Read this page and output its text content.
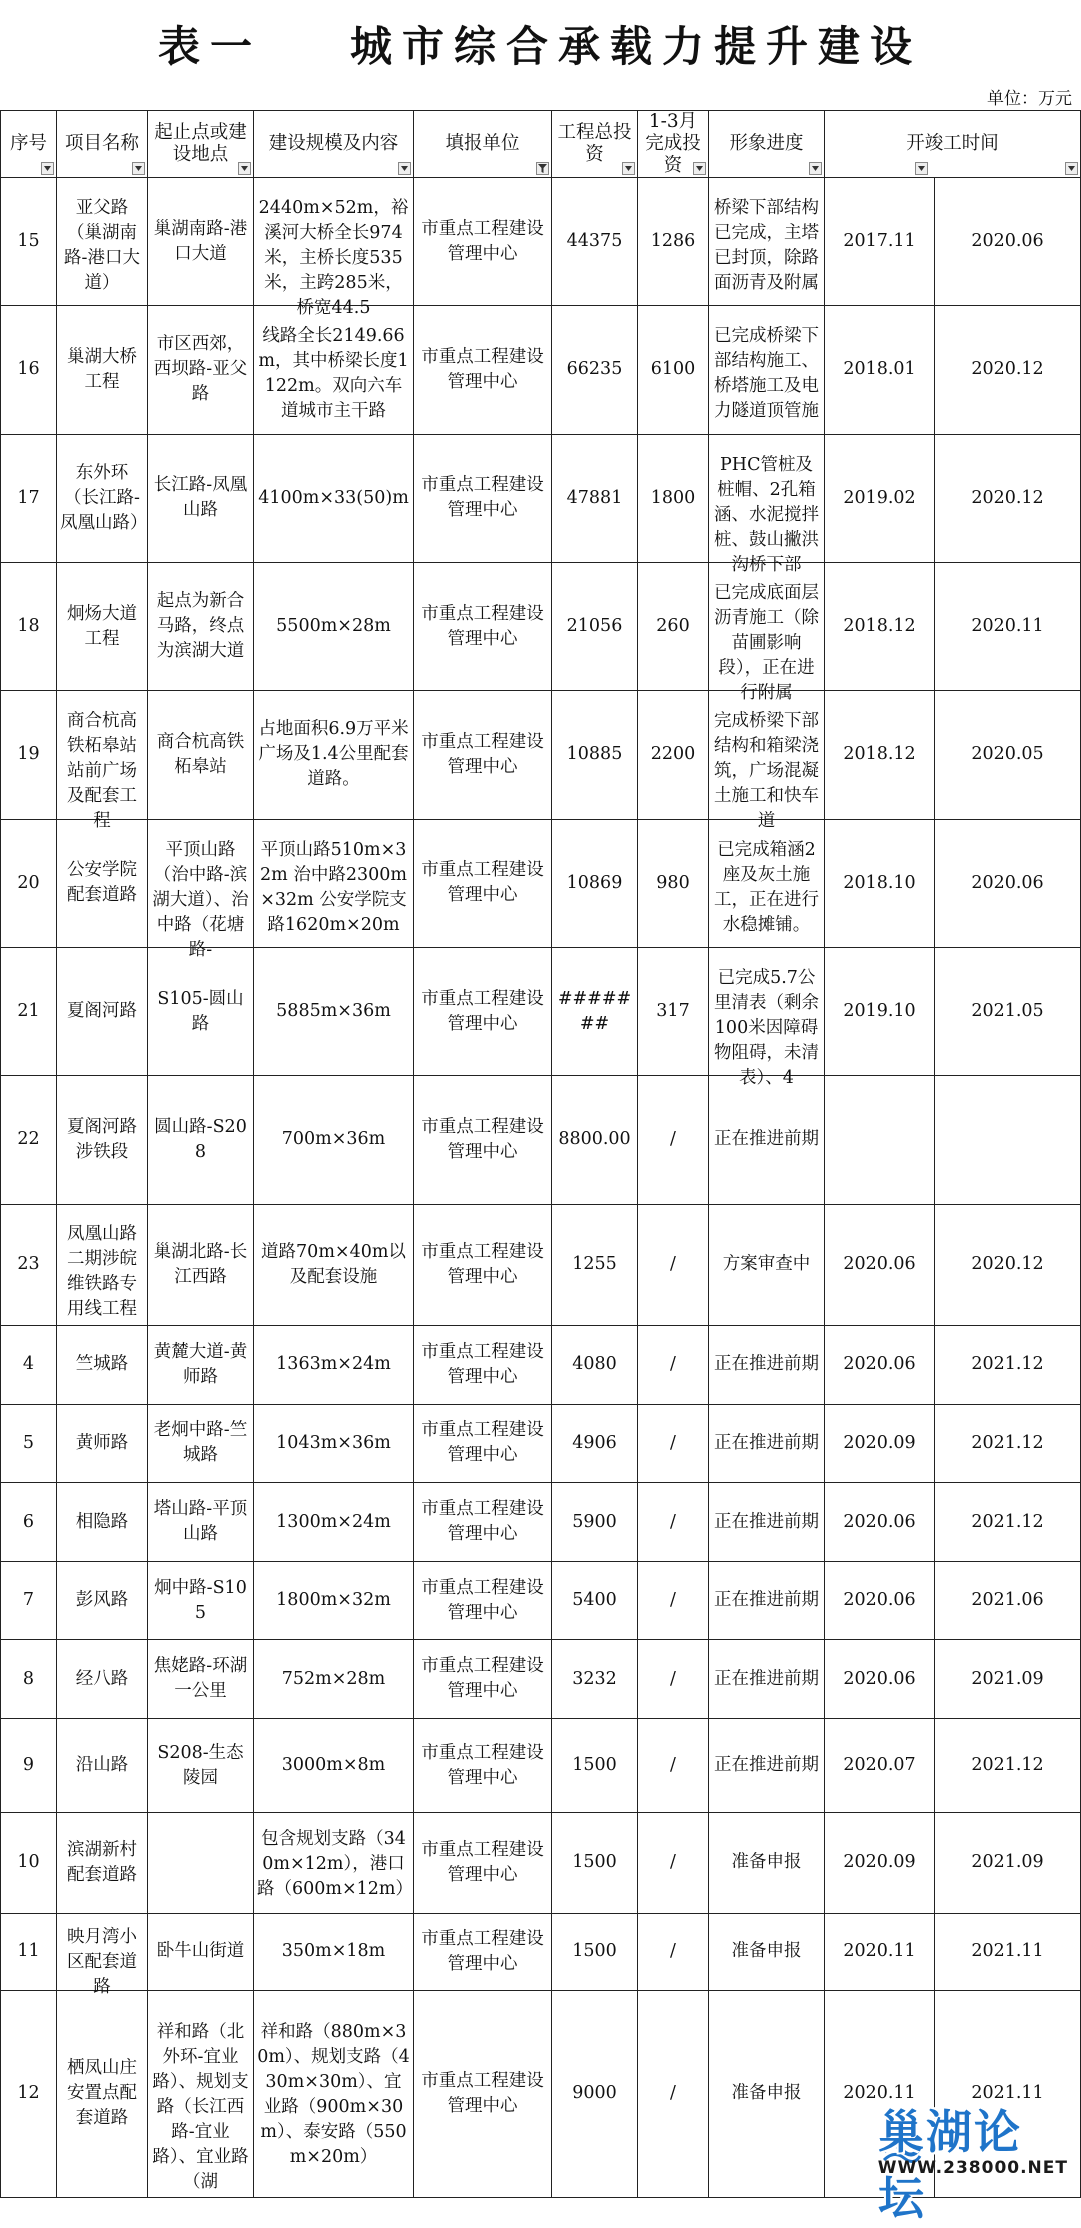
表一 城市综合承载力提升建设
单位：万元
序号	项目名称	起止点或建设地点	建设规模及内容	填报单位	工程总投资	1-3月完成投资	形象进度	开竣工时间	

15	亚父路（巢湖南路-港口大道）	巢湖南路-港口大道	2440m×52m，裕溪河大桥全长974米，主桥长度535米，主跨285米，桥宽44.5	市重点工程建设管理中心	44375	1286	桥梁下部结构已完成，主塔已封顶，除路面沥青及附属	2017.11	2020.06

16	巢湖大桥工程	市区西郊，西坝路-亚父路	线路全长2149.66m，其中桥梁长度1122m。双向六车道城市主干路	市重点工程建设管理中心	66235	6100	已完成桥梁下部结构施工、桥塔施工及电力隧道顶管施	2018.01	2020.12

17	东外环（长江路-凤凰山路）	长江路-凤凰山路	4100m×33(50)m	市重点工程建设管理中心	47881	1800	PHC管桩及桩帽、2孔箱涵、水泥搅拌桩、鼓山撇洪沟桥下部	2019.02	2020.12

18	炯炀大道工程	起点为新合马路，终点为滨湖大道	5500m×28m	市重点工程建设管理中心	21056	260	已完成底面层沥青施工（除苗圃影响段），正在进行附属	2018.12	2020.11

19	商合杭高铁柘皋站站前广场及配套工程	商合杭高铁柘皋站	占地面积6.9万平米广场及1.4公里配套道路。	市重点工程建设管理中心	10885	2200	完成桥梁下部结构和箱梁浇筑，广场混凝土施工和快车道	2018.12	2020.05

20	公安学院配套道路	平顶山路（治中路-滨湖大道）、治中路（花塘路-	平顶山路510m×32m 治中路2300m×32m 公安学院支路1620m×20m	市重点工程建设管理中心	10869	980	已完成箱涵2座及灰土施工，正在进行水稳摊铺。	2018.10	2020.06

21	夏阁河路	S105-圆山路	5885m×36m	市重点工程建设管理中心	#######	317	已完成5.7公里清表（剩余100米因障碍物阻碍，未清表）、4	2019.10	2021.05

22	夏阁河路涉铁段	圆山路-S208	700m×36m	市重点工程建设管理中心	8800.00	/	正在推进前期		

23	凤凰山路二期涉皖维铁路专用线工程	巢湖北路-长江西路	道路70m×40m以及配套设施	市重点工程建设管理中心	1255	/	方案审查中	2020.06	2020.12

4	竺城路	黄麓大道-黄师路	1363m×24m	市重点工程建设管理中心	4080	/	正在推进前期	2020.06	2021.12

5	黄师路	老炯中路-竺城路	1043m×36m	市重点工程建设管理中心	4906	/	正在推进前期	2020.09	2021.12

6	相隐路	塔山路-平顶山路	1300m×24m	市重点工程建设管理中心	5900	/	正在推进前期	2020.06	2021.12

7	彭风路	炯中路-S105	1800m×32m	市重点工程建设管理中心	5400	/	正在推进前期	2020.06	2021.06

8	经八路	焦姥路-环湖一公里	752m×28m	市重点工程建设管理中心	3232	/	正在推进前期	2020.06	2021.09

9	沿山路	S208-生态陵园	3000m×8m	市重点工程建设管理中心	1500	/	正在推进前期	2020.07	2021.12

10	滨湖新村配套道路		包含规划支路（340m×12m），港口路（600m×12m）	市重点工程建设管理中心	1500	/	准备申报	2020.09	2021.09

11	映月湾小区配套道路	卧牛山街道	350m×18m	市重点工程建设管理中心	1500	/	准备申报	2020.11	2021.11

12	栖凤山庄安置点配套道路	祥和路（北外环-宜业路）、规划支路（长江西路-宜业路）、宜业路（湖	祥和路（880m×30m）、规划支路（430m×30m）、宜业路（900m×30m）、泰安路（550m×20m）	市重点工程建设管理中心	9000	/	准备申报	2020.11	2021.11
巢湖论坛
WWW.238000.NET
